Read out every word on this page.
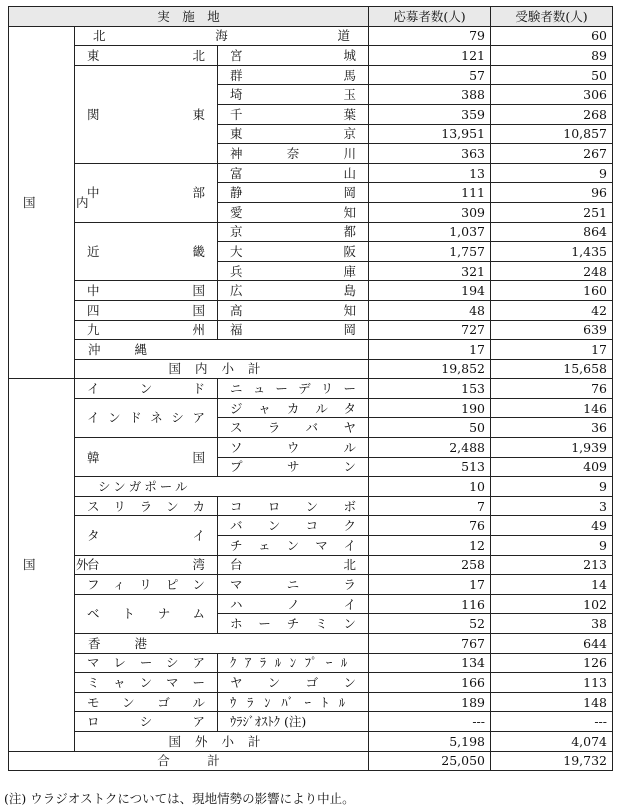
実　施　地			応募者数(人)	受験者数(人)
国　内	北海道		79	60
	東北	宮城	121	89
	関東	群馬	57	50
		埼玉	388	306
		千葉	359	268
		東京	13,951	10,857
		神奈川	363	267
	中部	富山	13	9
		静岡	111	96
		愛知	309	251
	近畿	京都	1,037	864
		大阪	1,757	1,435
		兵庫	321	248
	中国	広島	194	160
	四国	高知	48	42
	九州	福岡	727	639
	沖縄		17	17
	国内小計		19,852	15,658
国　外	インド	ニューデリー	153	76
	インドネシア	ジャカルタ	190	146
		スラバヤ	50	36
	韓国	ソウル	2,488	1,939
		プサン	513	409
	シンガポール		10	9
	スリランカ	コロンボ	7	3
	タイ	バンコク	76	49
		チェンマイ	12	9
	台湾	台北	258	213
	フィリピン	マニラ	17	14
	ベトナム	ハノイ	116	102
		ホーチミン	52	38
	香港		767	644
	マレーシア	ｸｱﾗﾙﾝﾌﾟｰﾙ	134	126
	ミャンマー	ヤンゴン	166	113
	モンゴル	ｳﾗﾝﾊﾞｰﾄﾙ	189	148
	ロシア	ｳﾗｼﾞｵｽﾄｸ (注)	---	---
	国外小計		5,198	4,074
合　　　計			25,050	19,732
(注) ウラジオストクについては、現地情勢の影響により中止。
